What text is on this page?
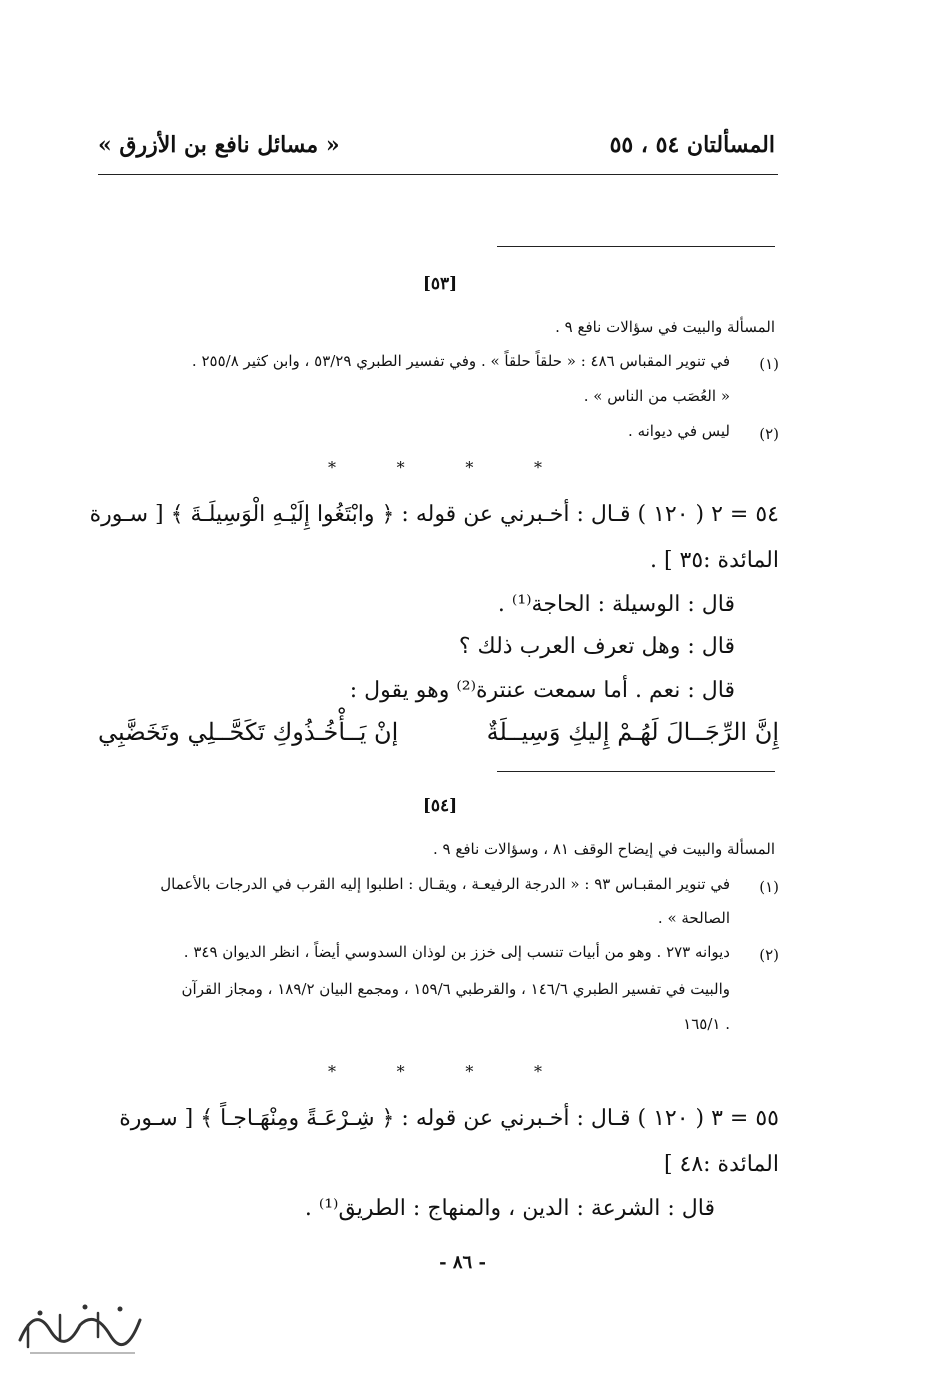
المسألتان ٥٤ ، ٥٥
« مسائل نافع بن الأزرق »
[٥٣]
المسألة والبيت في سؤالات نافع ٩ .
(١)
في تنوير المقباس ٤٨٦ : « حلقاً حلقاً » . وفي تفسير الطبري ٥٣/٢٩ ، وابن كثير ٢٥٥/٨ .
« العُصَب من الناس » .
(٢)
ليس في ديوانه .
*	*	*	*
٥٤ = ٢ ( ١٢٠ ) قـال : أخـبرني عن قوله : ﴿ وابْتَغُوا إِلَيْـهِ الْوَسِيلَـةَ ﴾ [ سـورة
المائدة :٣٥ ] .
قال : الوسيلة : الحاجة⁽¹⁾ .
قال : وهل تعرف العرب ذلك ؟
قال : نعم . أما سمعت عنترة⁽²⁾ وهو يقول :
إِنَّ الرِّجَــالَ لَهُـمْ إِليكِ وَسِيــلَةٌ
إنْ يَــأْخُـذُوكِ تَكَحَّــلِي وتَخَضَّبِي
[٥٤]
المسألة والبيت في إيضاح الوقف ٨١ ، وسؤالات نافع ٩ .
(١)
في تنوير المقبـاس ٩٣ : « الدرجة الرفيعـة ، ويقـال : اطلبوا إليه القرب في الدرجات بالأعمال
الصالحة » .
(٢)
ديوانه ٢٧٣ . وهو من أبيات تنسب إلى خزز بن لوذان السدوسي أيضاً ، انظر الديوان ٣٤٩ .
والبيت في تفسير الطبري ١٤٦/٦ ، والقرطبي ١٥٩/٦ ، ومجمع البيان ١٨٩/٢ ، ومجاز القرآن
١٦٥/١ .
*	*	*	*
٥٥ = ٣ ( ١٢٠ ) قـال : أخـبرني عن قوله : ﴿ شِـرْعَـةً ومِنْهَـاجـاً ﴾ [ سـورة
المائدة :٤٨ ]
قال : الشرعة : الدين ، والمنهاج : الطريق⁽¹⁾ .
- ٨٦ -
